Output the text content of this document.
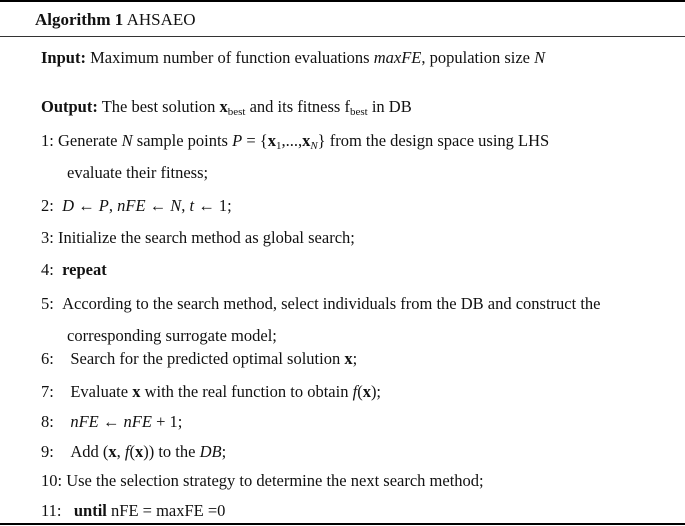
Algorithm 1 AHSAEO
Input: Maximum number of function evaluations maxFE, population size N
Output: The best solution $x_{best}$ and its fitness $f_{best}$ in DB
1: Generate N sample points $P = \{x_1,...,x_N\}$ from the design space using LHS
evaluate their fitness;
2: D ← P, nFE ← N, t ← 1;
3: Initialize the search method as global search;
4: repeat
5: According to the search method, select individuals from the DB and construct the
corresponding surrogate model;
6: Search for the predicted optimal solution x;
7: Evaluate x with the real function to obtain f(x);
8: nFE ← nFE + 1;
9: Add (x, f(x)) to the DB;
10: Use the selection strategy to determine the next search method;
11: until nFE = maxFE =0
